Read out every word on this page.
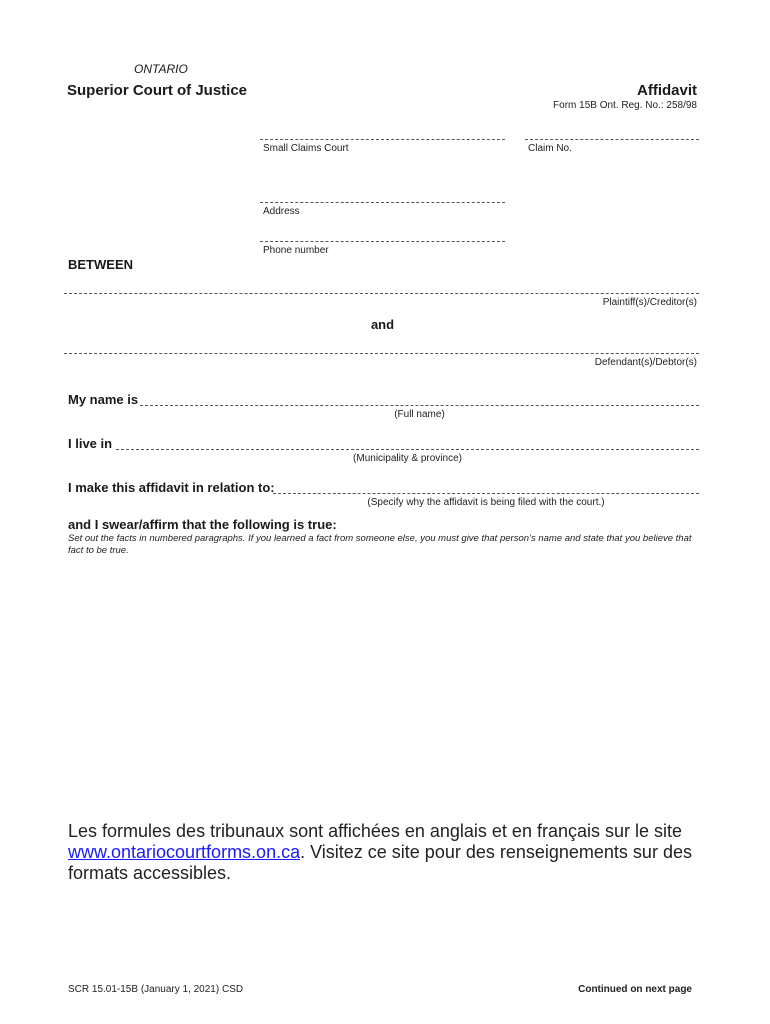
ONTARIO
Superior Court of Justice	Affidavit
Form 15B Ont. Reg. No.: 258/98
Small Claims Court	Claim No.
Address
Phone number
BETWEEN
Plaintiff(s)/Creditor(s)
and
Defendant(s)/Debtor(s)
My name is
(Full name)
I live in
(Municipality & province)
I make this affidavit in relation to:
(Specify why the affidavit is being filed with the court.)
and I swear/affirm that the following is true:
Set out the facts in numbered paragraphs. If you learned a fact from someone else, you must give that person’s name and state that you believe that fact to be true.
Les formules des tribunaux sont affichées en anglais et en français sur le site www.ontariocourtforms.on.ca. Visitez ce site pour des renseignements sur des formats accessibles.
SCR 15.01-15B (January 1, 2021) CSD	Continued on next page
